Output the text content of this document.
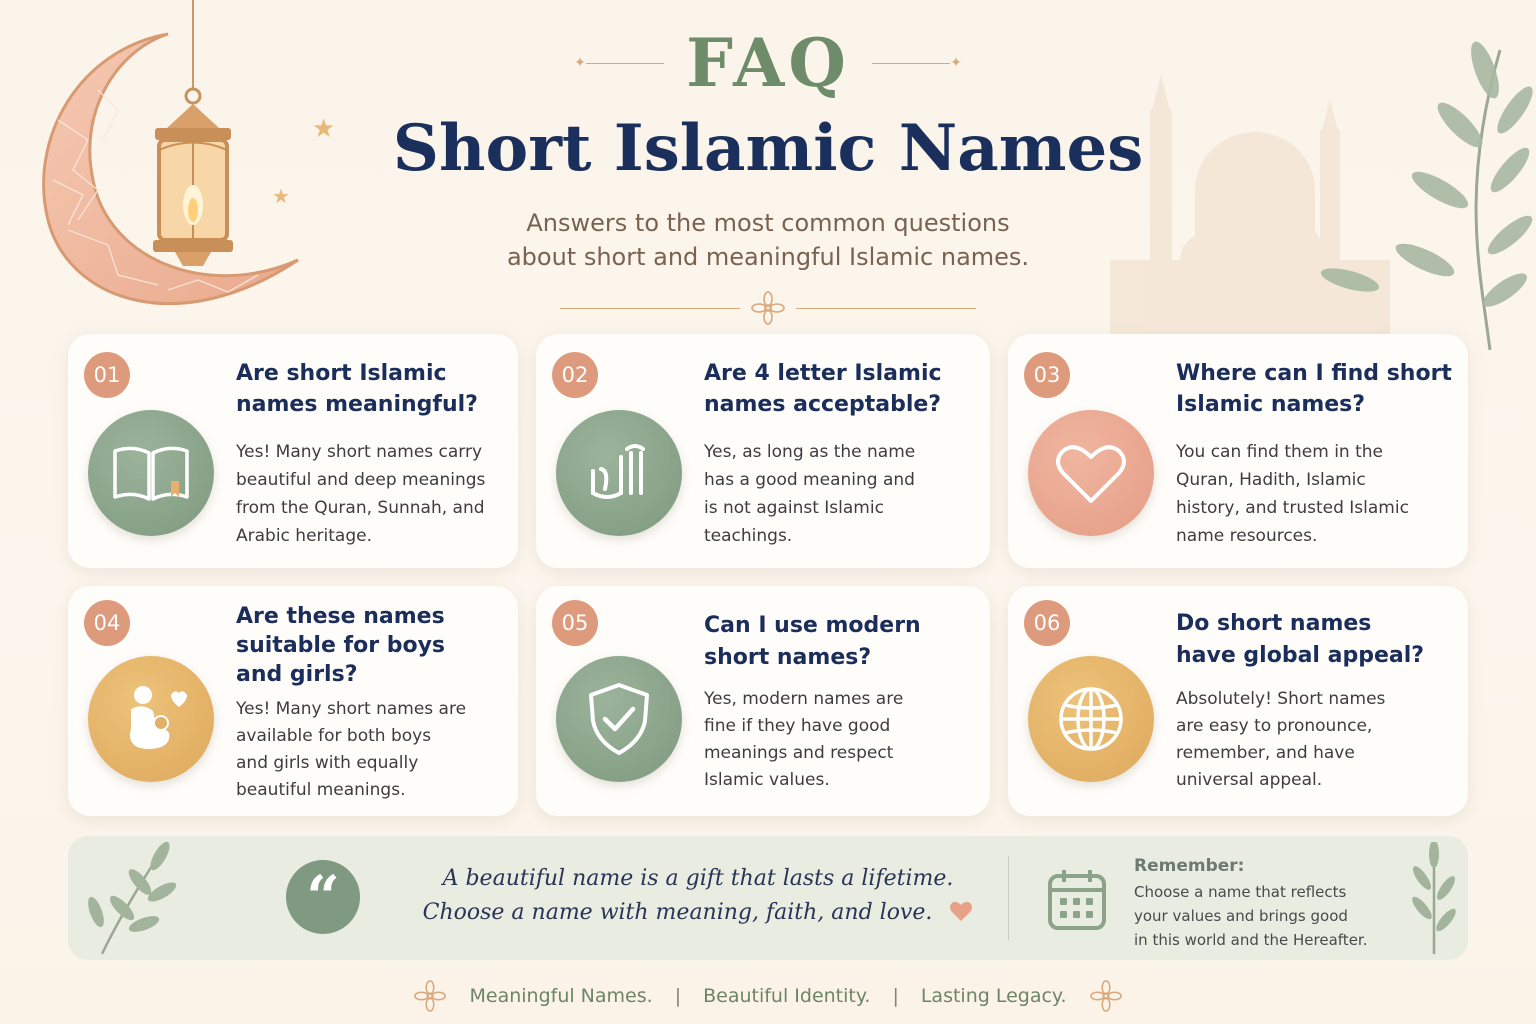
★
★
✦ FAQ	✦
Short Islamic Names
Answers to the most common questions
about short and meaningful Islamic names.
01	Are short Islamic
names meaningful?
Yes! Many short names carry
beautiful and deep meanings
from the Quran, Sunnah, and
Arabic heritage.
02	Are 4 letter Islamic
names acceptable?
Yes, as long as the name
has a good meaning and
is not against Islamic
teachings.
03	Where can I find short
Islamic names?
You can find them in the
Quran, Hadith, Islamic
history, and trusted Islamic
name resources.
04	Are these names
suitable for boys
and girls?
Yes! Many short names are
available for both boys
and girls with equally
beautiful meanings.
05	Can I use modern
short names?
Yes, modern names are
fine if they have good
meanings and respect
Islamic values.
06	Do short names
have global appeal?
Absolutely! Short names
are easy to pronounce,
remember, and have
universal appeal.
“	A beautiful name is a gift that lasts a lifetime.
Choose a name with meaning, faith, and love.
Remember:
Choose a name that reflects
your values and brings good
in this world and the Hereafter.
Meaningful Names. | Beautiful Identity. | Lasting Legacy.
